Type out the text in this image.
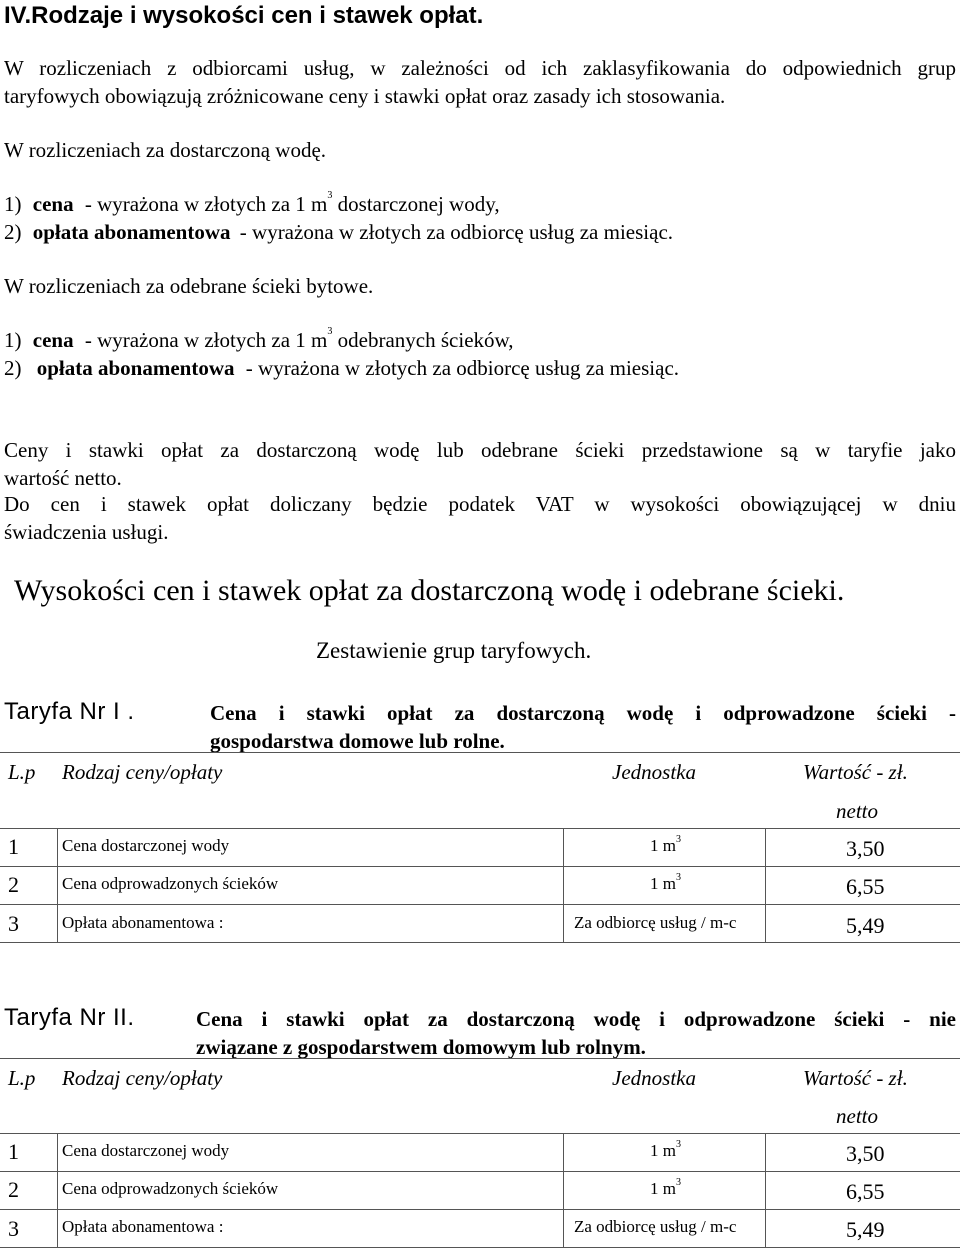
IV.Rodzaje i wysokości cen i stawek opłat.
W rozliczeniach z odbiorcami usług, w zależności od ich zaklasyfikowania do odpowiednich grup
taryfowych obowiązują zróżnicowane ceny i stawki opłat oraz zasady ich stosowania.
W rozliczeniach za dostarczoną wodę.
1) cena - wyrażona w złotych za 1 $m^3$ dostarczonej wody,
2) opłata abonamentowa - wyrażona w złotych za odbiorcę usług za miesiąc.
W rozliczeniach za odebrane ścieki bytowe.
1) cena - wyrażona w złotych za 1 $m^3$ odebranych ścieków,
2) opłata abonamentowa - wyrażona w złotych za odbiorcę usług za miesiąc.
Ceny i stawki opłat za dostarczoną wodę lub odebrane ścieki przedstawione są w taryfie jako
wartość netto.
Do cen i stawek opłat doliczany będzie podatek VAT w wysokości obowiązującej w dniu
świadczenia usługi.
Wysokości cen i stawek opłat za dostarczoną wodę i odebrane ścieki.
Zestawienie grup taryfowych.
Taryfa Nr I .	Cena i stawki opłat za dostarczoną wodę i odprowadzone ścieki -
gospodarstwa domowe lub rolne.
L.p Rodzaj ceny/opłaty	Jednostka	Wartość - zł.
netto
1	Cena dostarczonej wody	1 $m^3$	3,50
2	Cena odprowadzonych ścieków	1 $m^3$	6,55
3	Opłata abonamentowa :	Za odbiorcę usług / m-c	5,49
Taryfa Nr II.	Cena i stawki opłat za dostarczoną wodę i odprowadzone ścieki - nie
związane z gospodarstwem domowym lub rolnym.
L.p Rodzaj ceny/opłaty	Jednostka	Wartość - zł.
netto
1	Cena dostarczonej wody	1 $m^3$	3,50
2	Cena odprowadzonych ścieków	1 $m^3$	6,55
3	Opłata abonamentowa :	Za odbiorcę usług / m-c	5,49
